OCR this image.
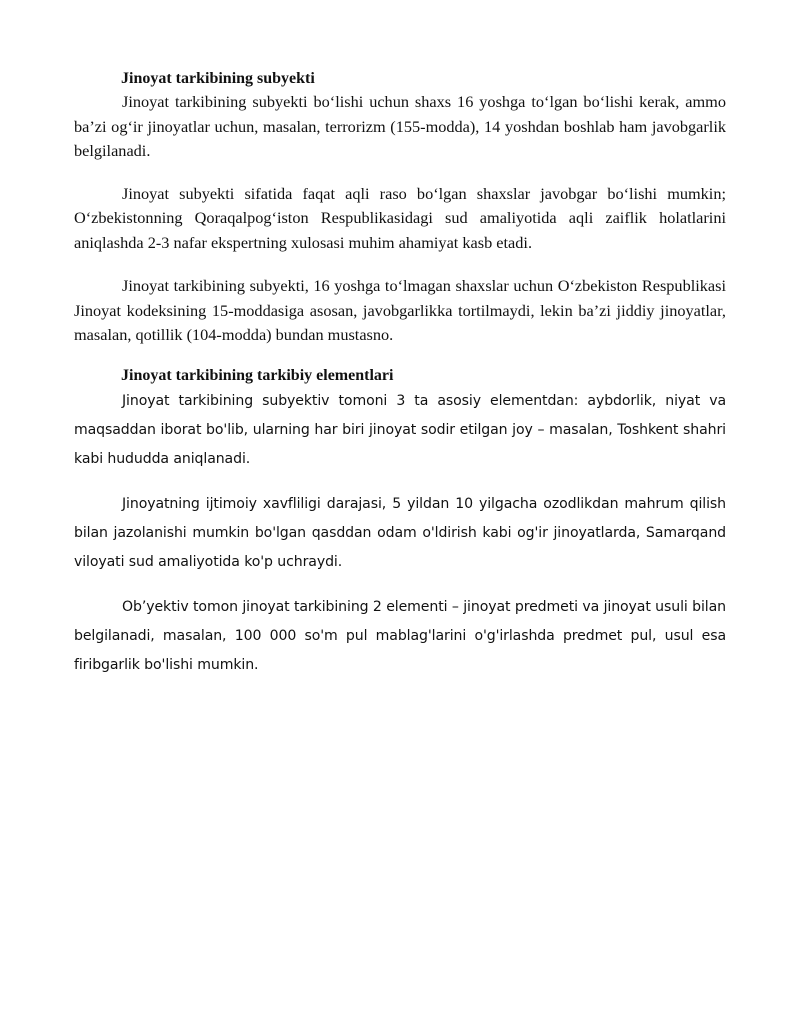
Jinoyat tarkibining subyekti

Jinoyat tarkibining subyekti bo‘lishi uchun shaxs 16 yoshga to‘lgan bo‘lishi kerak, ammo ba’zi og‘ir jinoyatlar uchun, masalan, terrorizm (155-modda), 14 yoshdan boshlab ham javobgarlik belgilanadi.

Jinoyat subyekti sifatida faqat aqli raso bo‘lgan shaxslar javobgar bo‘lishi mumkin; O‘zbekistonning Qoraqalpog‘iston Respublikasidagi sud amaliyotida aqli zaiflik holatlarini aniqlashda 2-3 nafar ekspertning xulosasi muhim ahamiyat kasb etadi.

Jinoyat tarkibining subyekti, 16 yoshga to‘lmagan shaxslar uchun O‘zbekiston Respublikasi Jinoyat kodeksining 15-moddasiga asosan, javobgarlikka tortilmaydi, lekin ba’zi jiddiy jinoyatlar, masalan, qotillik (104-modda) bundan mustasno.

Jinoyat tarkibining tarkibiy elementlari

Jinoyat tarkibining subyektiv tomoni 3 ta asosiy elementdan: aybdorlik, niyat va maqsaddan iborat bo'lib, ularning har biri jinoyat sodir etilgan joy – masalan, Toshkent shahri kabi hududda aniqlanadi.

Jinoyatning ijtimoiy xavfliligi darajasi, 5 yildan 10 yilgacha ozodlikdan mahrum qilish bilan jazolanishi mumkin bo'lgan qasddan odam o'ldirish kabi og'ir jinoyatlarda, Samarqand viloyati sud amaliyotida ko'p uchraydi.

Ob’yektiv tomon jinoyat tarkibining 2 elementi – jinoyat predmeti va jinoyat usuli bilan belgilanadi, masalan, 100 000 so'm pul mablag'larini o'g'irlashda predmet pul, usul esa firibgarlik bo'lishi mumkin.
